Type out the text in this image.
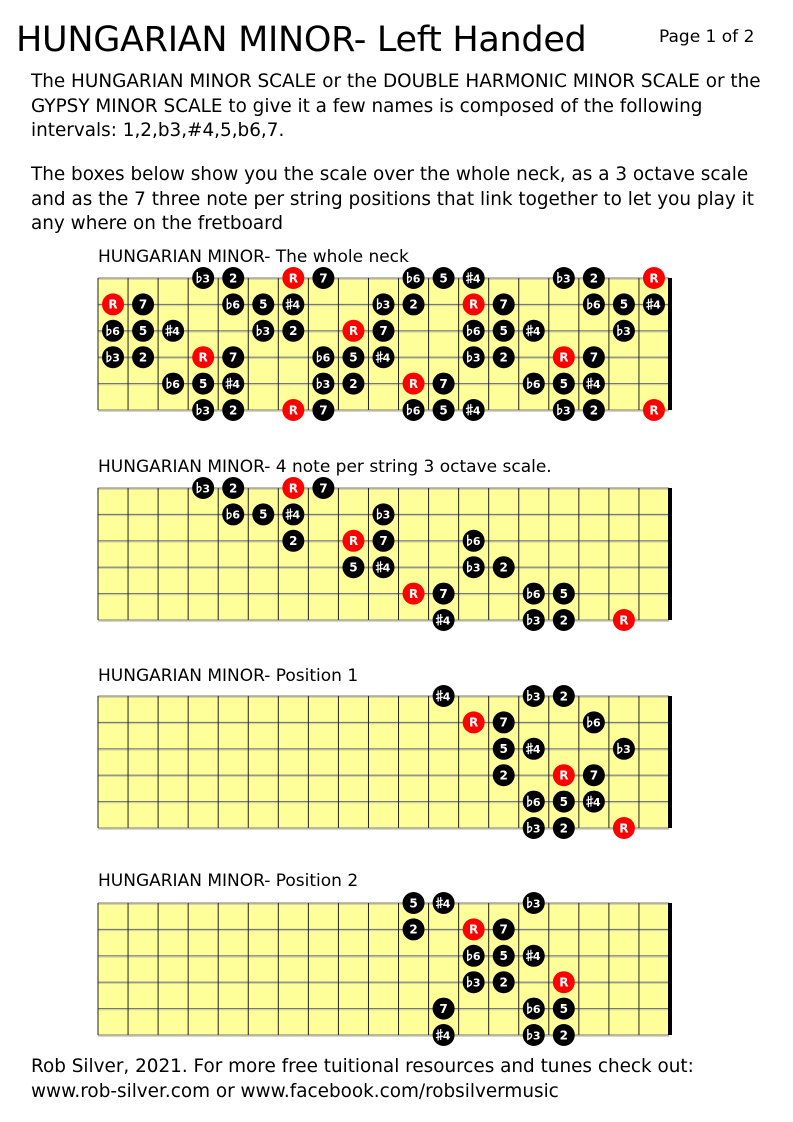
HUNGARIAN MINOR- Left Handed	Page 1 of 2
The HUNGARIAN MINOR SCALE or the DOUBLE HARMONIC MINOR SCALE or the GYPSY MINOR SCALE to give it a few names is composed of the following intervals: 1,2,b3,#4,5,b6,7.
The boxes below show you the scale over the whole neck, as a 3 octave scale and as the 7 three note per string positions that link together to let you play it any where on the fretboard
HUNGARIAN MINOR- The whole neck
HUNGARIAN MINOR- 4 note per string 3 octave scale.
HUNGARIAN MINOR- Position 1
HUNGARIAN MINOR- Position 2
3 2	R 7	6 5 4	3 2	R
R 7	6 5 4	3 2	R 7	6 5 4
6 5 4	3 2	R 7	6 5 4	3
3 2	R 7	6 5 4	3 2	R 7
6 5 4	3 2	R 7	6 5 4
3 2	R 7	6 5 4	3 2	R
3 2	R 7
6 5 4	3
2	R 7	6
5 4	3 2
R 7	6 5
4	3 2	R
4	3 2
R 7	6
5 4	3
2	R 7
6 5 4
3 2	R
5 4	3
2	R 7
6 5 4
3 2	R
7	6 5
4	3 2
Rob Silver, 2021. For more free tuitional resources and tunes check out:
www.rob-silver.com or www.facebook.com/robsilvermusic
